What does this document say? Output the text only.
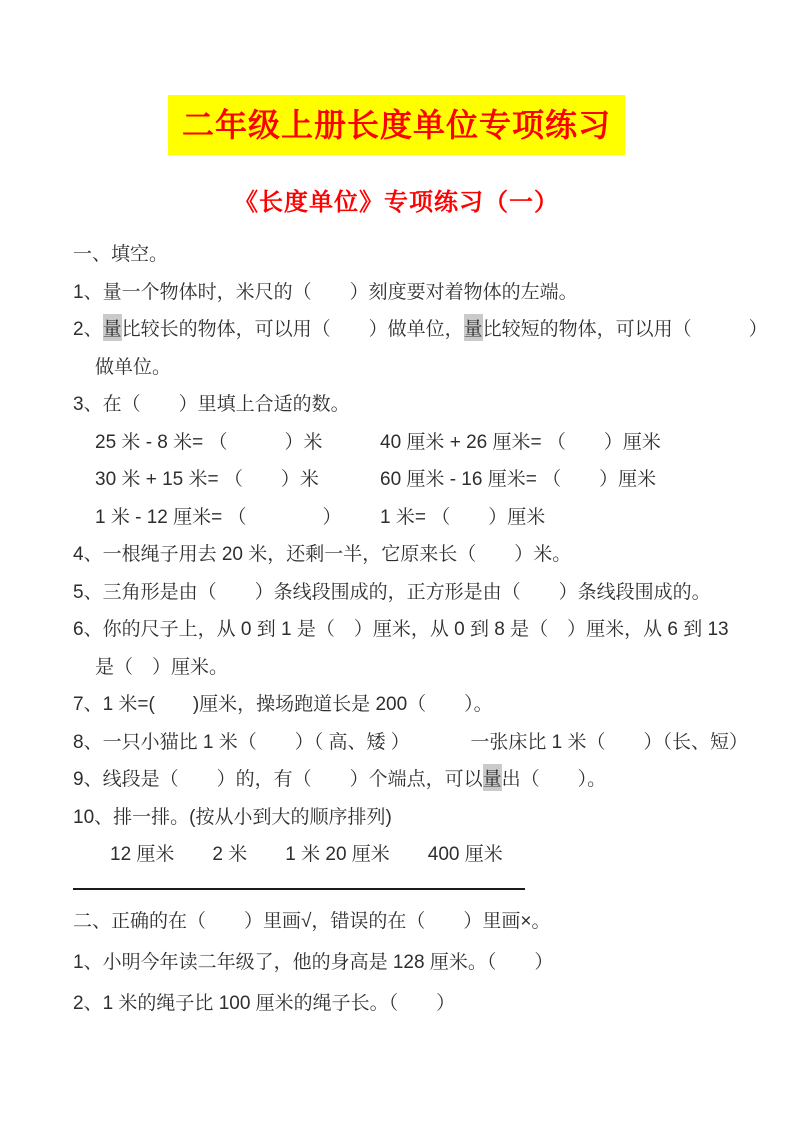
二年级上册长度单位专项练习
《长度单位》专项练习（一）
一、填空。
1、量一个物体时，米尺的（　　）刻度要对着物体的左端。
2、 量 比较长的物体，可以用（　　）做单位， 量 比较短的物体，可以用（　　　）
做单位。
3、在（　　）里填上合适的数。
25 米 - 8 米= （　　　）米	40 厘米 + 26 厘米= （　　）厘米
30 米 + 15 米= （　　）米	60 厘米 - 16 厘米= （　　）厘米
1 米 - 12 厘米= （　　　　）	1 米= （　　）厘米
4、一根绳子用去 20 米，还剩一半，它原来长（　　）米。
5、三角形是由（　　）条线段围成的，正方形是由（　　）条线段围成的。
6、你的尺子上，从 0 到 1 是（　）厘米，从 0 到 8 是（　）厘米，从 6 到 13
是（　）厘米。
7、1 米=(　　)厘米，操场跑道长是 200（　　）。
8、一只小猫比 1 米（　　）（ 高、矮 ）	一张床比 1 米（　　）（长、短）
9、 线段是（　　）的，有（　　）个端点，可以 量 出（　　）。
10、排一排。(按从小到大的顺序排列)
12 厘米　　2 米　　1 米 20 厘米　　400 厘米
二、正确的在（　　）里画√，错误的在（　　）里画×。
1、小明今年读二年级了，他的身高是 128 厘米。（　　）
2、1 米的绳子比 100 厘米的绳子长。（　　）
